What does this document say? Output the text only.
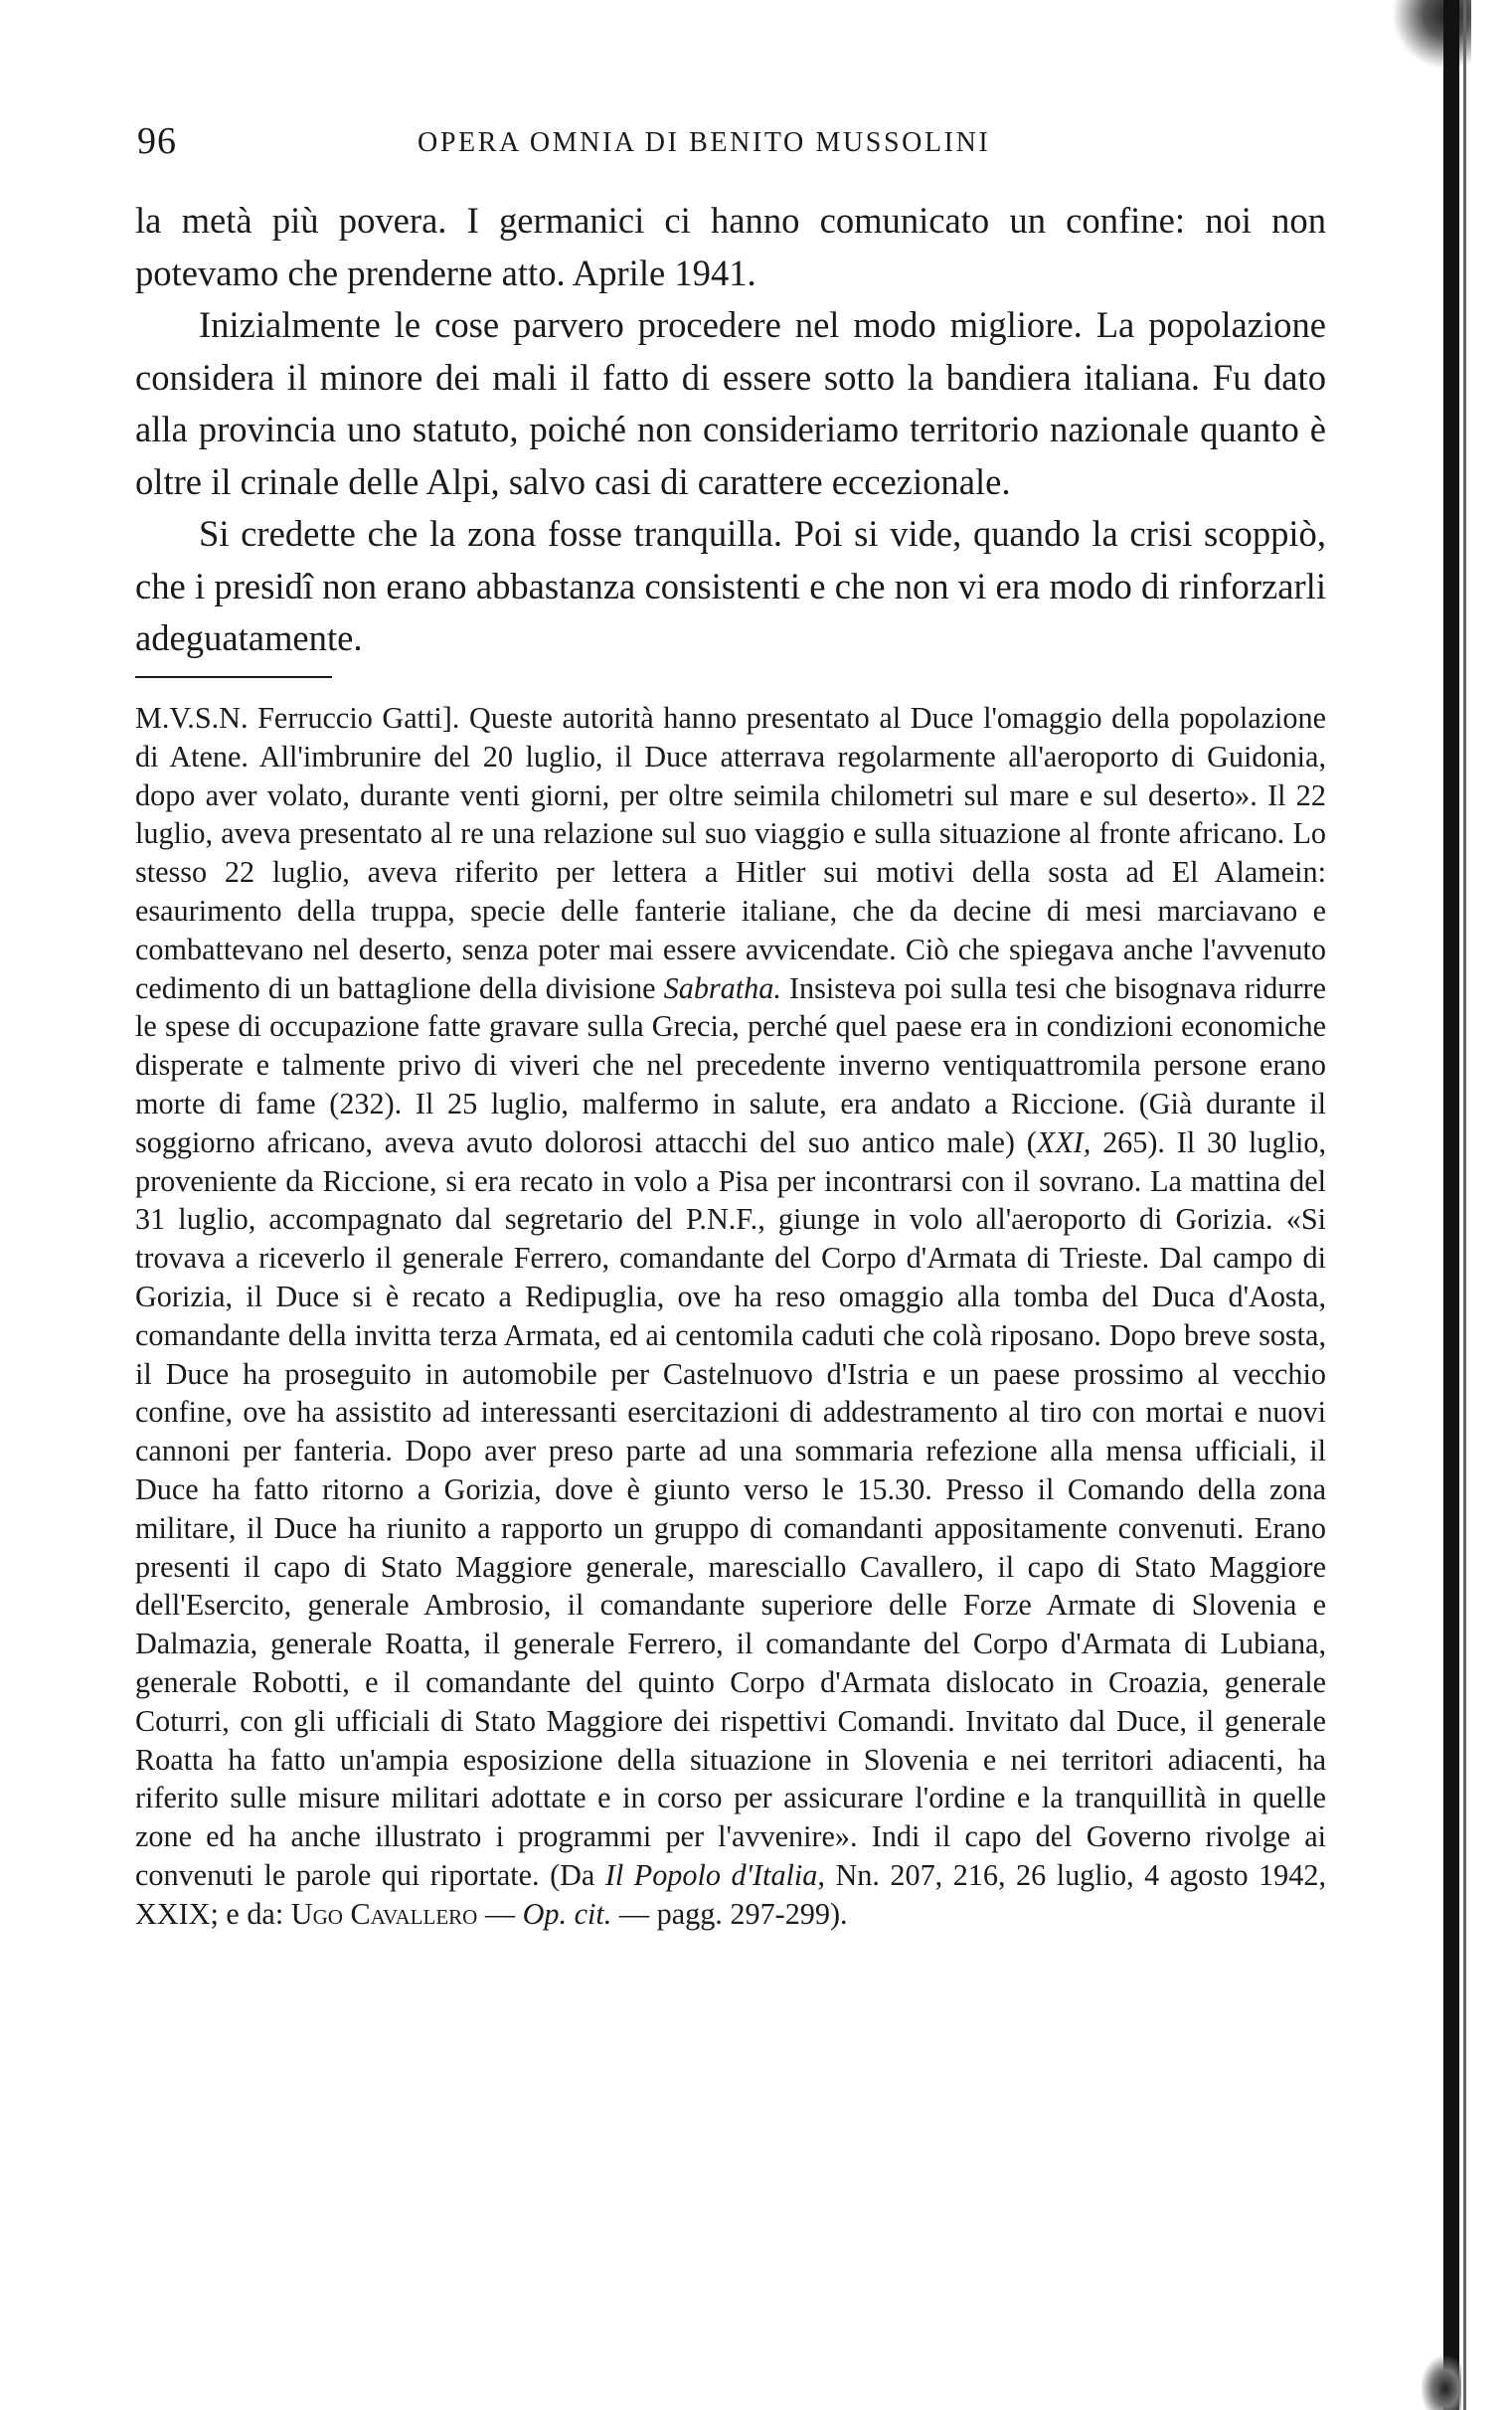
96	OPERA OMNIA DI BENITO MUSSOLINI

la metà più povera. I germanici ci hanno comunicato un confine: noi non potevamo che prenderne atto. Aprile 1941.

Inizialmente le cose parvero procedere nel modo migliore. La popolazione considera il minore dei mali il fatto di essere sotto la bandiera italiana. Fu dato alla provincia uno statuto, poiché non consideriamo territorio nazionale quanto è oltre il crinale delle Alpi, salvo casi di carattere eccezionale.

Si credette che la zona fosse tranquilla. Poi si vide, quando la crisi scoppiò, che i presidî non erano abbastanza consistenti e che non vi era modo di rinforzarli adeguatamente.

M.V.S.N. Ferruccio Gatti]. Queste autorità hanno presentato al Duce l'omaggio della popolazione di Atene. All'imbrunire del 20 luglio, il Duce atterrava regolarmente all'aeroporto di Guidonia, dopo aver volato, durante venti giorni, per oltre seimila chilometri sul mare e sul deserto». Il 22 luglio, aveva presentato al re una relazione sul suo viaggio e sulla situazione al fronte africano. Lo stesso 22 luglio, aveva riferito per lettera a Hitler sui motivi della sosta ad El Alamein: esaurimento della truppa, specie delle fanterie italiane, che da decine di mesi marciavano e combattevano nel deserto, senza poter mai essere avvicendate. Ciò che spiegava anche l'avvenuto cedimento di un battaglione della divisione Sabratha. Insisteva poi sulla tesi che bisognava ridurre le spese di occupazione fatte gravare sulla Grecia, perché quel paese era in condizioni economiche disperate e talmente privo di viveri che nel precedente inverno ventiquattromila persone erano morte di fame (232). Il 25 luglio, malfermo in salute, era andato a Riccione. (Già durante il soggiorno africano, aveva avuto dolorosi attacchi del suo antico male) (XXI, 265). Il 30 luglio, proveniente da Riccione, si era recato in volo a Pisa per incontrarsi con il sovrano. La mattina del 31 luglio, accompagnato dal segretario del P.N.F., giunge in volo all'aeroporto di Gorizia. «Si trovava a riceverlo il generale Ferrero, comandante del Corpo d'Armata di Trieste. Dal campo di Gorizia, il Duce si è recato a Redipuglia, ove ha reso omaggio alla tomba del Duca d'Aosta, comandante della invitta terza Armata, ed ai centomila caduti che colà riposano. Dopo breve sosta, il Duce ha proseguito in automobile per Castelnuovo d'Istria e un paese prossimo al vecchio confine, ove ha assistito ad interessanti esercitazioni di addestramento al tiro con mortai e nuovi cannoni per fanteria. Dopo aver preso parte ad una sommaria refezione alla mensa ufficiali, il Duce ha fatto ritorno a Gorizia, dove è giunto verso le 15.30. Presso il Comando della zona militare, il Duce ha riunito a rapporto un gruppo di comandanti appositamente convenuti. Erano presenti il capo di Stato Maggiore generale, maresciallo Cavallero, il capo di Stato Maggiore dell'Esercito, generale Ambrosio, il comandante superiore delle Forze Armate di Slovenia e Dalmazia, generale Roatta, il generale Ferrero, il comandante del Corpo d'Armata di Lubiana, generale Robotti, e il comandante del quinto Corpo d'Armata dislocato in Croazia, generale Coturri, con gli ufficiali di Stato Maggiore dei rispettivi Comandi. Invitato dal Duce, il generale Roatta ha fatto un'ampia esposizione della situazione in Slovenia e nei territori adiacenti, ha riferito sulle misure militari adottate e in corso per assicurare l'ordine e la tranquillità in quelle zone ed ha anche illustrato i programmi per l'avvenire». Indi il capo del Governo rivolge ai convenuti le parole qui riportate. (Da Il Popolo d'Italia, Nn. 207, 216, 26 luglio, 4 agosto 1942, XXIX; e da: Ugo Cavallero — Op. cit. — pagg. 297-299).
